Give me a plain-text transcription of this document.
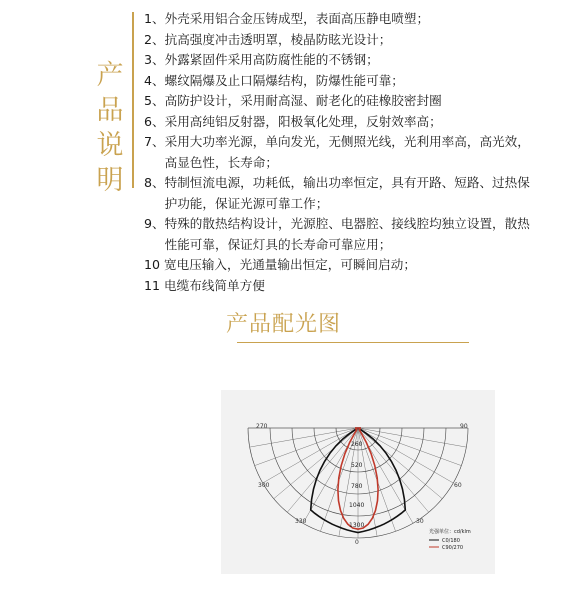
产
品
说
明
1、 外壳采用铝合金压铸成型，表面高压静电喷塑；
2、 抗高强度冲击透明罩，棱晶防眩光设计；
3、 外露紧固件采用高防腐性能的不锈钢；
4、 螺纹隔爆及止口隔爆结构，防爆性能可靠；
5、 高防护设计，采用耐高湿、耐老化的硅橡胶密封圈
6、 采用高纯铝反射器，阳极氧化处理，反射效率高；
7、 采用大功率光源，单向发光，无侧照光线，光利用率高，高光效，高显色性，长寿命；
8、 特制恒流电源，功耗低，输出功率恒定，具有开路、短路、过热保护功能，保证光源可靠工作；
9、 特殊的散热结构设计，光源腔、电器腔、接线腔均独立设置，散热性能可靠，保证灯具的长寿命可靠应用；
10 宽电压输入，光通量输出恒定，可瞬间启动；
11 电缆布线简单方便
产品配光图
270	90
300	60
330	30
0
260
520
780
1040
1300
光强单位：cd/klm
C0/180
C90/270
